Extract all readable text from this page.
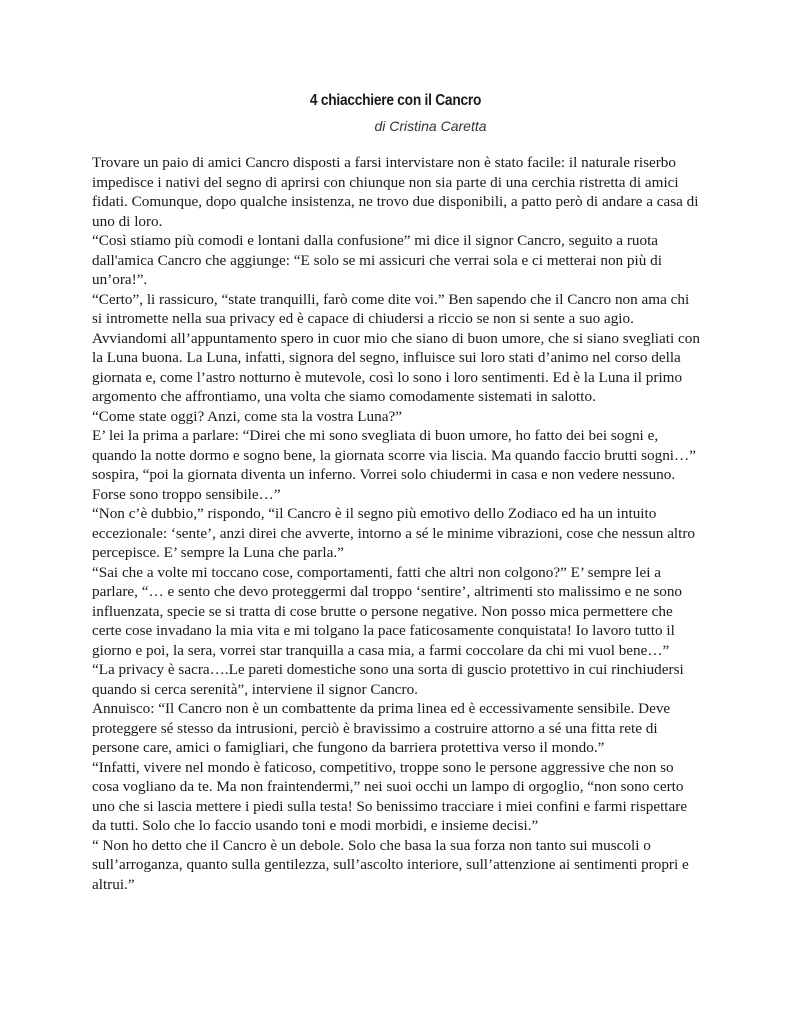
4 chiacchiere con il Cancro
di Cristina Caretta

Trovare un paio di amici Cancro disposti a farsi intervistare non è stato facile: il naturale riserbo impedisce i nativi del segno di aprirsi con chiunque non sia parte di una cerchia ristretta di amici fidati. Comunque, dopo qualche insistenza, ne trovo due disponibili, a patto però di andare a casa di uno di loro.

“Così stiamo più comodi e lontani dalla confusione” mi dice il signor Cancro, seguito a ruota dall'amica Cancro che aggiunge: “E solo se mi assicuri che verrai sola e ci metterai non più di un’ora!”.

“Certo”, li rassicuro, “state tranquilli, farò come dite voi.” Ben sapendo che il Cancro non ama chi si intromette nella sua privacy ed è capace di chiudersi a riccio se non si sente a suo agio. Avviandomi all’appuntamento spero in cuor mio che siano di buon umore, che si siano svegliati con la Luna buona. La Luna, infatti, signora del segno, influisce sui loro stati d’animo nel corso della giornata e, come l’astro notturno è mutevole, così lo sono i loro sentimenti. Ed è la Luna il primo argomento che affrontiamo, una volta che siamo comodamente sistemati in salotto.

“Come state oggi? Anzi, come sta la vostra Luna?”

E’ lei la prima a parlare: “Direi che mi sono svegliata di buon umore, ho fatto dei bei sogni e, quando la notte dormo e sogno bene, la giornata scorre via liscia. Ma quando faccio brutti sogni…” sospira, “poi la giornata diventa un inferno. Vorrei solo chiudermi in casa e non vedere nessuno. Forse sono troppo sensibile…”

“Non c’è dubbio,” rispondo, “il Cancro è il segno più emotivo dello Zodiaco ed ha un intuito eccezionale: ‘sente’, anzi direi che avverte, intorno a sé le minime vibrazioni, cose che nessun altro percepisce. E’ sempre la Luna che parla.”

“Sai che a volte mi toccano cose, comportamenti, fatti che altri non colgono?” E’ sempre lei a parlare, “… e sento che devo proteggermi dal troppo ‘sentire’, altrimenti sto malissimo e ne sono influenzata, specie se si tratta di cose brutte o persone negative. Non posso mica permettere che certe cose invadano la mia vita e mi tolgano la pace faticosamente conquistata! Io lavoro tutto il giorno e poi, la sera, vorrei star tranquilla a casa mia, a farmi coccolare da chi mi vuol bene…”

“La privacy è sacra….Le pareti domestiche sono una sorta di guscio protettivo in cui rinchiudersi quando si cerca serenità”, interviene il signor Cancro.

Annuisco: “Il Cancro non è un combattente da prima linea ed è eccessivamente sensibile. Deve proteggere sé stesso da intrusioni, perciò è bravissimo a costruire attorno a sé una fitta rete di persone care, amici o famigliari, che fungono da barriera protettiva verso il mondo.”

“Infatti, vivere nel mondo è faticoso, competitivo, troppe sono le persone aggressive che non so cosa vogliano da te. Ma non fraintendermi,” nei suoi occhi un lampo di orgoglio, “non sono certo uno che si lascia mettere i piedi sulla testa! So benissimo tracciare i miei confini e farmi rispettare da tutti. Solo che lo faccio usando toni e modi morbidi, e insieme decisi.”

“ Non ho detto che il Cancro è un debole. Solo che basa la sua forza non tanto sui muscoli o sull’arroganza, quanto sulla gentilezza, sull’ascolto interiore, sull’attenzione ai sentimenti propri e altrui.”
